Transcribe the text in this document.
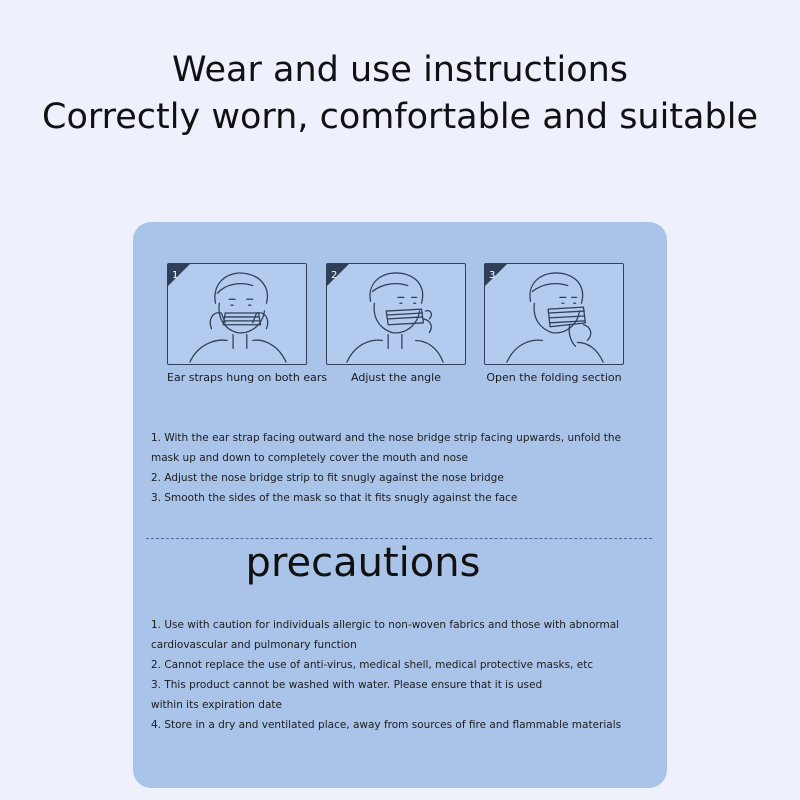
Wear and use instructions
Correctly worn, comfortable and suitable
1
Ear straps hung on both ears
2
Adjust the angle
3
Open the folding section

1. With the ear strap facing outward and the nose bridge strip facing upwards, unfold the

mask up and down to completely cover the mouth and nose

2. Adjust the nose bridge strip to fit snugly against the nose bridge

3. Smooth the sides of the mask so that it fits snugly against the face

precautions

1. Use with caution for individuals allergic to non-woven fabrics and those with abnormal

cardiovascular and pulmonary function

2. Cannot replace the use of anti-virus, medical shell, medical protective masks, etc

3. This product cannot be washed with water. Please ensure that it is used

within its expiration date

4. Store in a dry and ventilated place, away from sources of fire and flammable materials
